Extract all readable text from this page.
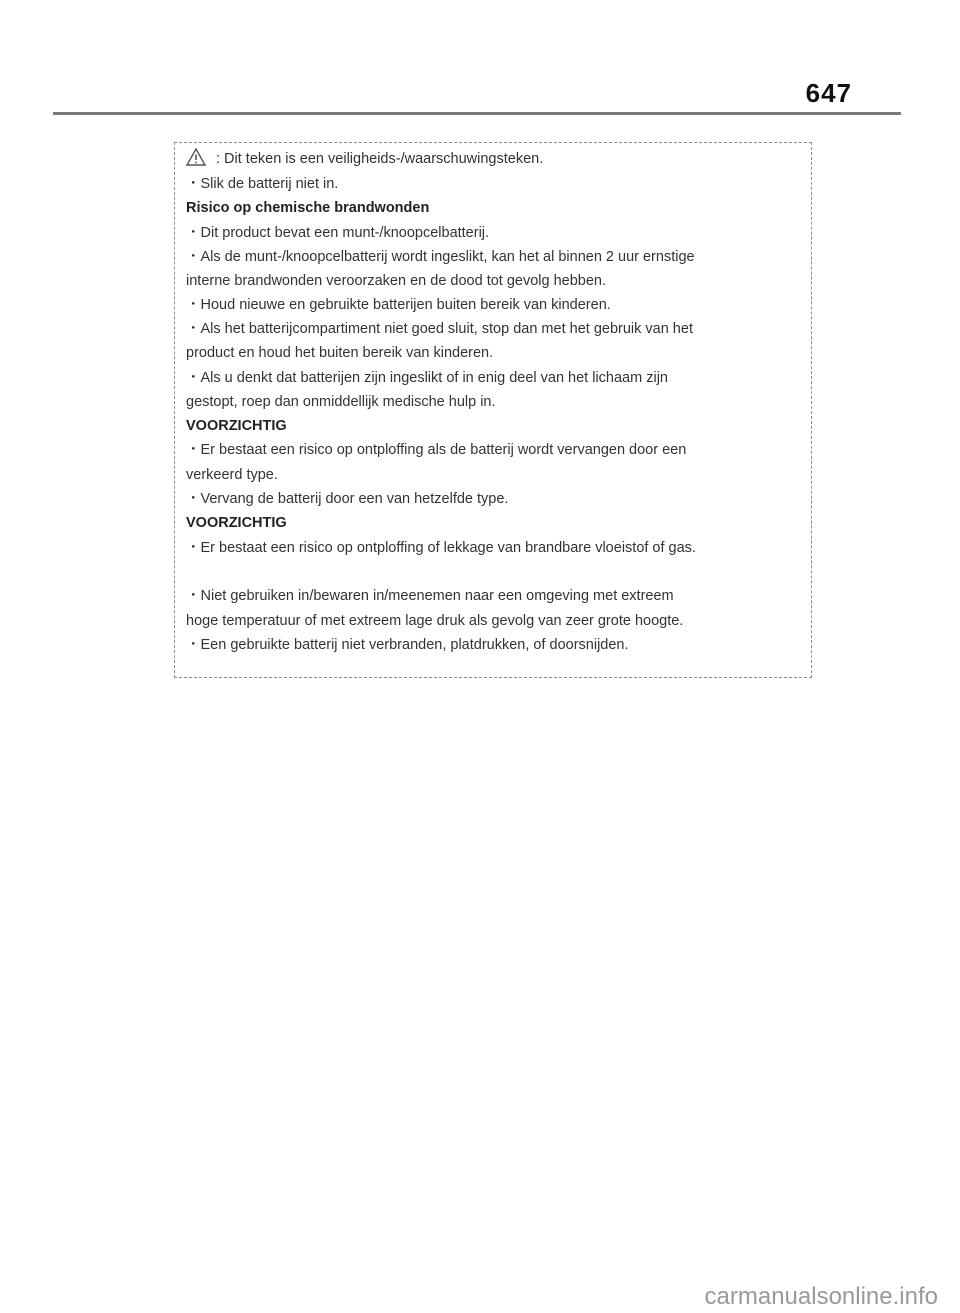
647
: Dit teken is een veiligheids-/waarschuwingsteken.
・Slik de batterij niet in.
Risico op chemische brandwonden
・Dit product bevat een munt-/knoopcelbatterij.
・Als de munt-/knoopcelbatterij wordt ingeslikt, kan het al binnen 2 uur ernstige
interne brandwonden veroorzaken en de dood tot gevolg hebben.
・Houd nieuwe en gebruikte batterijen buiten bereik van kinderen.
・Als het batterijcompartiment niet goed sluit, stop dan met het gebruik van het
product en houd het buiten bereik van kinderen.
・Als u denkt dat batterijen zijn ingeslikt of in enig deel van het lichaam zijn
gestopt, roep dan onmiddellijk medische hulp in.
VOORZICHTIG
・Er bestaat een risico op ontploffing als de batterij wordt vervangen door een
verkeerd type.
・Vervang de batterij door een van hetzelfde type.
VOORZICHTIG
・Er bestaat een risico op ontploffing of lekkage van brandbare vloeistof of gas.
・Niet gebruiken in/bewaren in/meenemen naar een omgeving met extreem
hoge temperatuur of met extreem lage druk als gevolg van zeer grote hoogte.
・Een gebruikte batterij niet verbranden, platdrukken, of doorsnijden.
carmanualsonline.info
